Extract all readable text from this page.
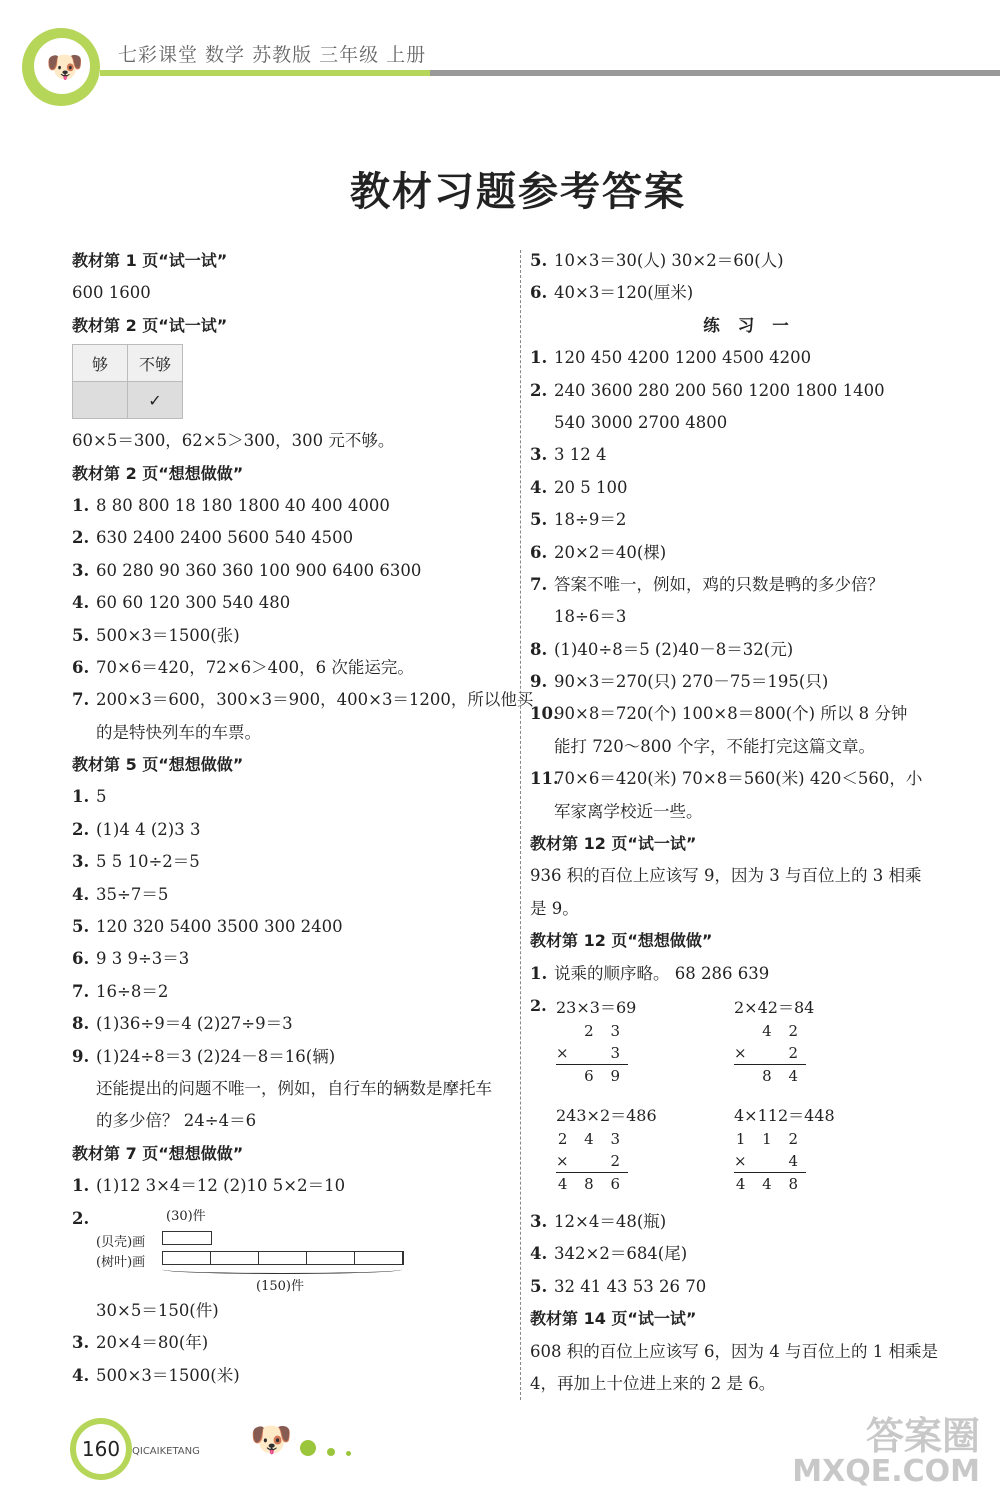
🐶 七彩课堂 数学 苏教版 三年级 上册
教材习题参考答案
教材第 1 页“试一试”
600 1600
教材第 2 页“试一试”
够	不够
	✓
60×5＝300，62×5＞300，300 元不够。
教材第 2 页“想想做做”
1. 8 80 800 18 180 1800 40 400 4000
2. 630 2400 2400 5600 540 4500
3. 60 280 90 360 360 100 900 6400 6300
4. 60 60 120 300 540 480
5. 500×3＝1500(张)
6. 70×6＝420，72×6＞400，6 次能运完。
7. 200×3＝600，300×3＝900，400×3＝1200，所以他买
的是特快列车的车票。
教材第 5 页“想想做做”
1. 5
2. (1)4 4 (2)3 3
3. 5 5 10÷2＝5
4. 35÷7＝5
5. 120 320 5400 3500 300 2400
6. 9 3 9÷3＝3
7. 16÷8＝2
8. (1)36÷9＝4 (2)27÷9＝3
9. (1)24÷8＝3 (2)24－8＝16(辆)
还能提出的问题不唯一，例如，自行车的辆数是摩托车
的多少倍？ 24÷4＝6
教材第 7 页“想想做做”
1. (1)12 3×4＝12 (2)10 5×2＝10
2.	(30)件
(贝壳)画
(树叶)画
(150)件
30×5＝150(件)
3. 20×4＝80(年)
4. 500×3＝1500(米)
5. 10×3＝30(人) 30×2＝60(人)
6. 40×3＝120(厘米)
练习一
1. 120 450 4200 1200 4500 4200
2. 240 3600 280 200 560 1200 1800 1400
540 3000 2700 4800
3. 3 12 4
4. 20 5 100
5. 18÷9＝2
6. 20×2＝40(棵)
7. 答案不唯一，例如，鸡的只数是鸭的多少倍？
18÷6＝3
8. (1)40÷8＝5 (2)40－8＝32(元)
9. 90×3＝270(只) 270－75＝195(只)
10.90×8＝720(个) 100×8＝800(个) 所以 8 分钟
能打 720～800 个字，不能打完这篇文章。
11.70×6＝420(米) 70×8＝560(米) 420＜560，小
军家离学校近一些。
教材第 12 页“试一试”
936 积的百位上应该写 9，因为 3 与百位上的 3 相乘
是 9。
教材第 12 页“想想做做”
1. 说乘的顺序略。 68 286 639
2. 23×3＝69
2 3
× 3
6 9
2×42＝84
4 2
× 2
8 4
243×2＝486
2 4 3
× 2
4 8 6
4×112＝448
1 1 2
× 4
4 4 8
3. 12×4＝48(瓶)
4. 342×2＝684(尾)
5. 32 41 43 53 26 70
教材第 14 页“试一试”
608 积的百位上应该写 6，因为 4 与百位上的 1 相乘是
4，再加上十位进上来的 2 是 6。
160	QICAIKETANG 🐶
	答案圈
MXQE.COM
